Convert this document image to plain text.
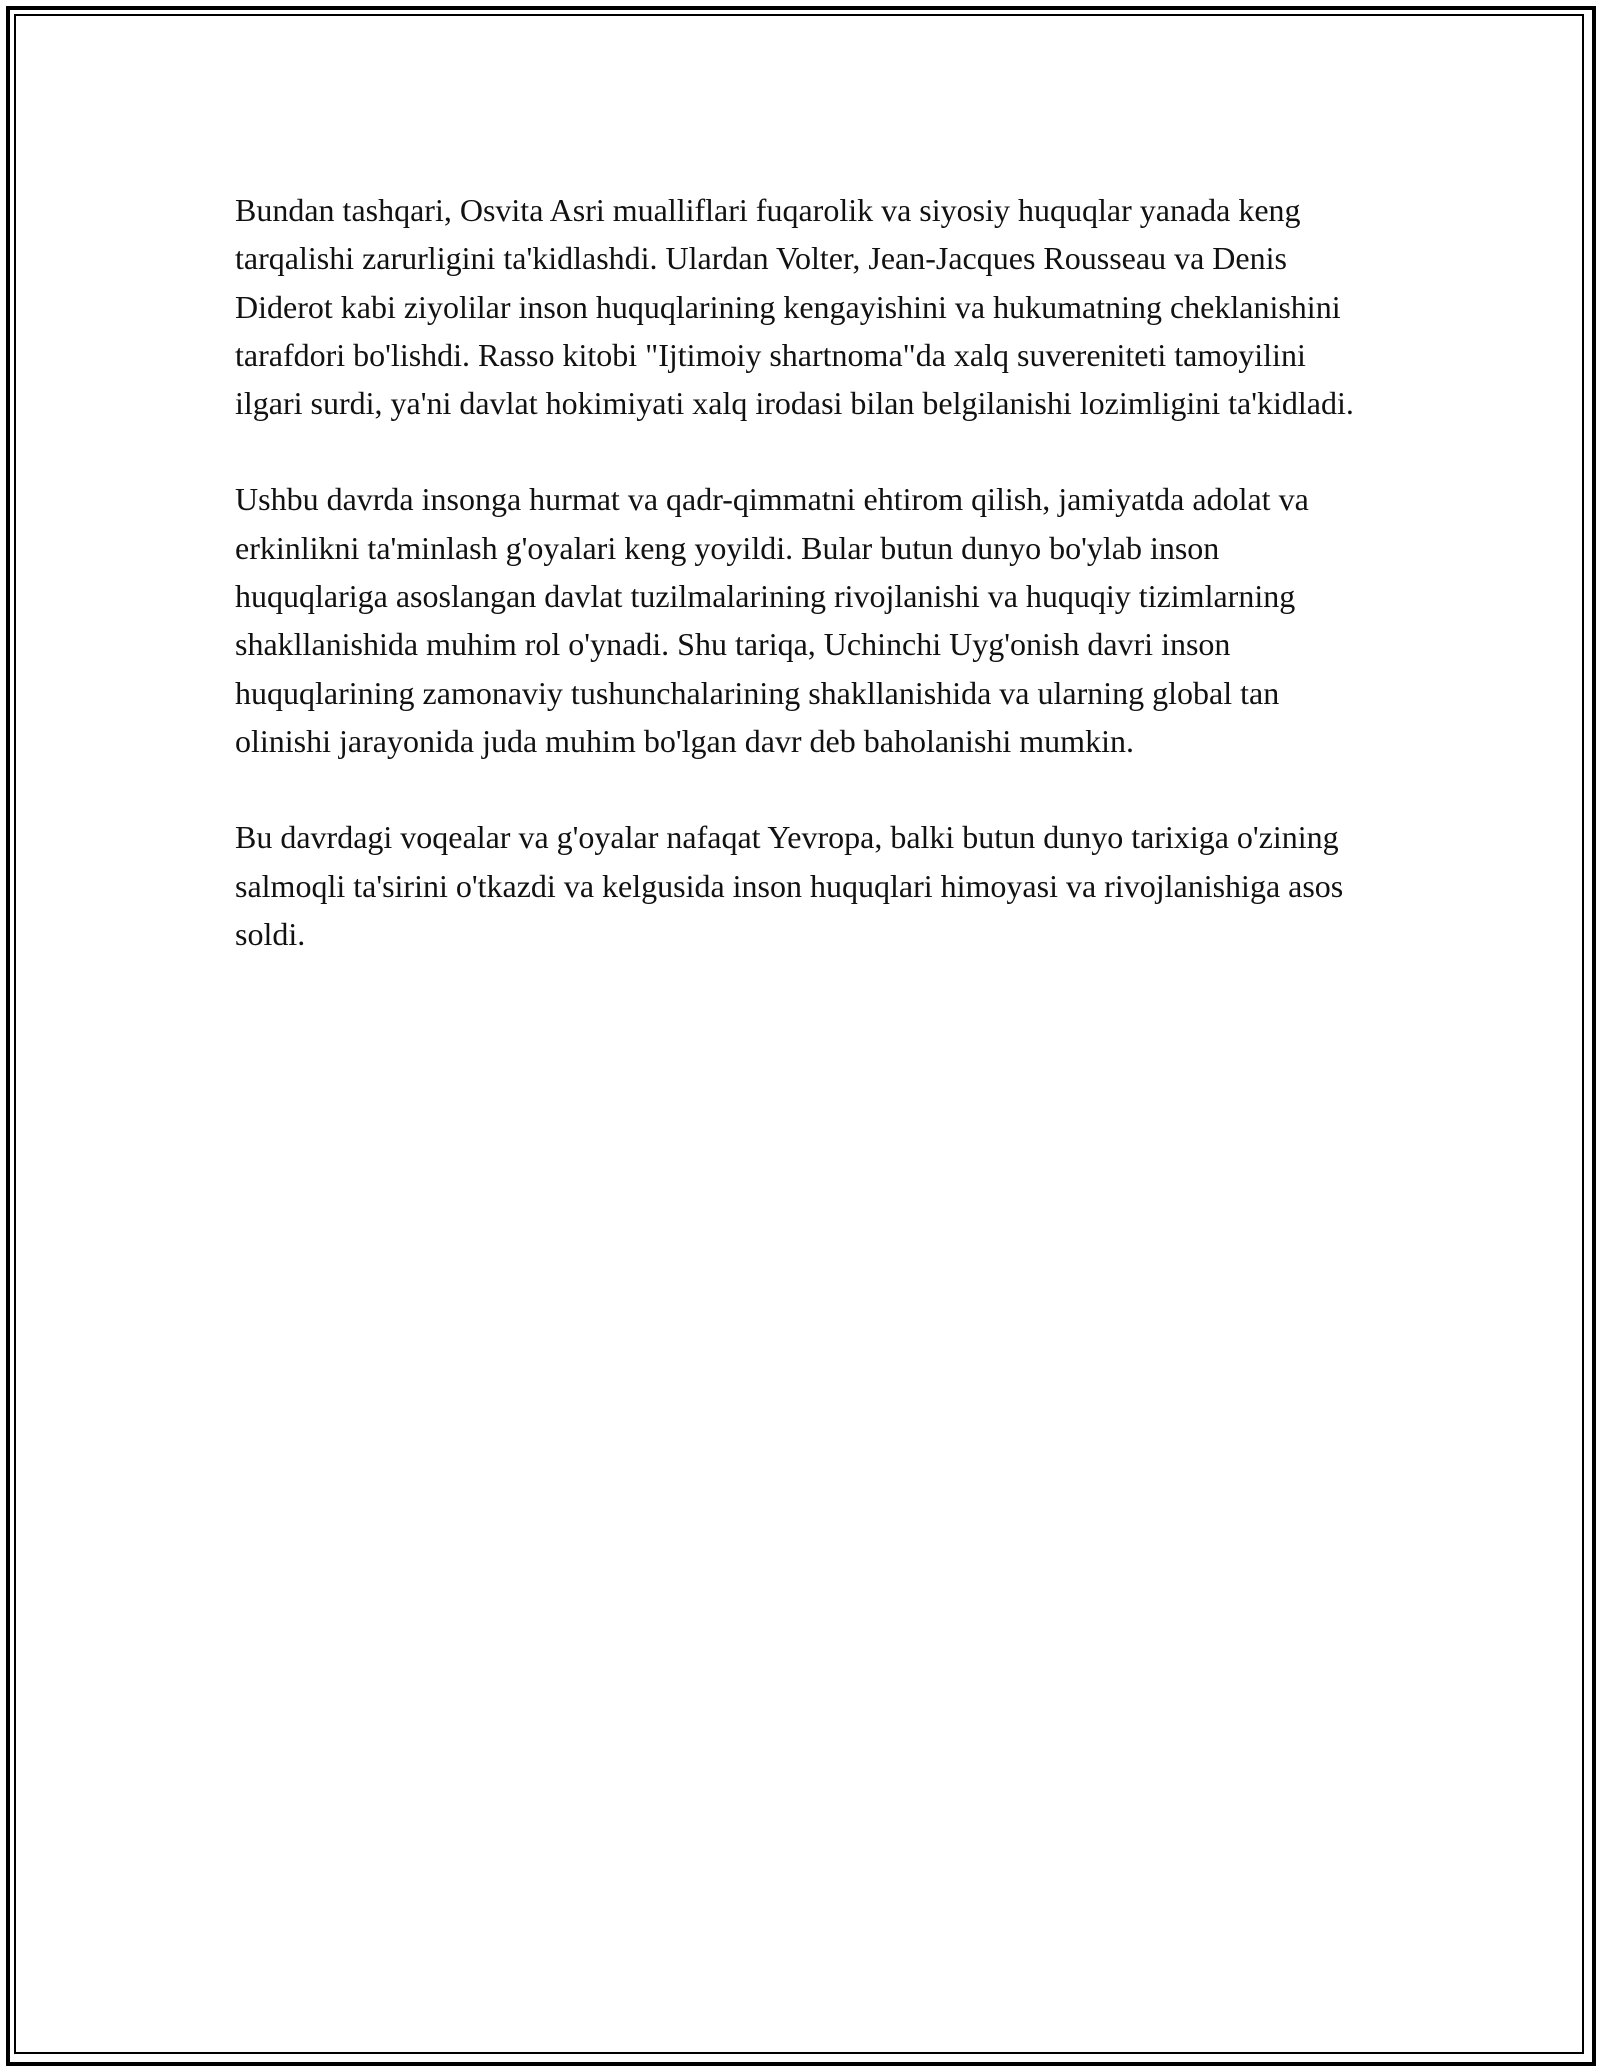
Bundan tashqari, Osvita Asri mualliflari fuqarolik va siyosiy huquqlar yanada keng tarqalishi zarurligini ta'kidlashdi. Ulardan Volter, Jean-Jacques Rousseau va Denis Diderot kabi ziyolilar inson huquqlarining kengayishini va hukumatning cheklanishini tarafdori bo'lishdi. Rasso kitobi "Ijtimoiy shartnoma"da xalq suvereniteti tamoyilini ilgari surdi, ya'ni davlat hokimiyati xalq irodasi bilan belgilanishi lozimligini ta'kidladi.

Ushbu davrda insonga hurmat va qadr-qimmatni ehtirom qilish, jamiyatda adolat va erkinlikni ta'minlash g'oyalari keng yoyildi. Bular butun dunyo bo'ylab inson huquqlariga asoslangan davlat tuzilmalarining rivojlanishi va huquqiy tizimlarning shakllanishida muhim rol o'ynadi. Shu tariqa, Uchinchi Uyg'onish davri inson huquqlarining zamonaviy tushunchalarining shakllanishida va ularning global tan olinishi jarayonida juda muhim bo'lgan davr deb baholanishi mumkin.

Bu davrdagi voqealar va g'oyalar nafaqat Yevropa, balki butun dunyo tarixiga o'zining salmoqli ta'sirini o'tkazdi va kelgusida inson huquqlari himoyasi va rivojlanishiga asos soldi.
